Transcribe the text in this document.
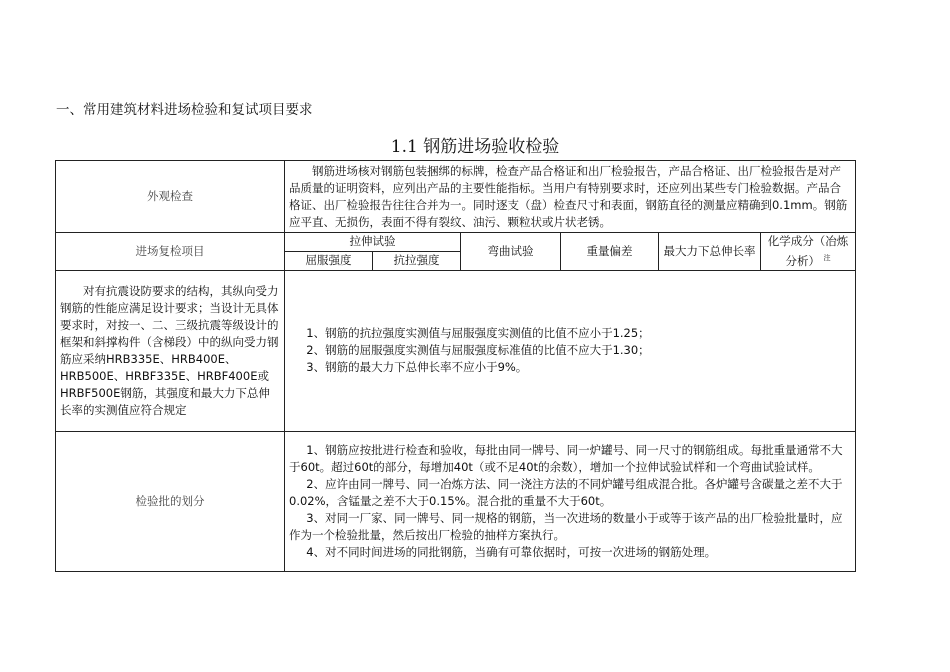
一、常用建筑材料进场检验和复试项目要求
1.1 钢筋进场验收检验
外观检查	钢筋进场核对钢筋包装捆绑的标牌，检查产品合格证和出厂检验报告，产品合格证、出厂检验报告是对产品质量的证明资料，应列出产品的主要性能指标。当用户有特别要求时，还应列出某些专门检验数据。产品合格证、出厂检验报告往往合并为一。同时逐支（盘）检查尺寸和表面，钢筋直径的测量应精确到0.1mm。钢筋应平直、无损伤，表面不得有裂纹、油污、颗粒状或片状老锈。					

进场复检项目	拉伸试验		弯曲试验	重量偏差	最大力下总伸长率	化学成分（冶炼分析） $^注$
	屈服强度	抗拉强度				

对有抗震设防要求的结构，其纵向受力钢筋的性能应满足设计要求；当设计无具体要求时，对按一、二、三级抗震等级设计的框架和斜撑构件（含梯段）中的纵向受力钢筋应采纳HRB335E、HRB400E、HRB500E、HRBF335E、HRBF400E或HRBF500E钢筋，其强度和最大力下总伸长率的实测值应符合规定	1、钢筋的抗拉强度实测值与屈服强度实测值的比值不应小于1.25；

2、钢筋的屈服强度实测值与屈服强度标准值的比值不应大于1.30；

3、钢筋的最大力下总伸长率不应小于9%。					

检验批的划分	1、钢筋应按批进行检查和验收，每批由同一牌号、同一炉罐号、同一尺寸的钢筋组成。每批重量通常不大于60t。超过60t的部分，每增加40t（或不足40t的余数），增加一个拉伸试验试样和一个弯曲试验试样。

2、应许由同一牌号、同一冶炼方法、同一浇注方法的不同炉罐号组成混合批。各炉罐号含碳量之差不大于0.02%，含锰量之差不大于0.15%。混合批的重量不大于60t。

3、对同一厂家、同一牌号、同一规格的钢筋，当一次进场的数量小于或等于该产品的出厂检验批量时，应作为一个检验批量，然后按出厂检验的抽样方案执行。

4、对不同时间进场的同批钢筋，当确有可靠依据时，可按一次进场的钢筋处理。					
